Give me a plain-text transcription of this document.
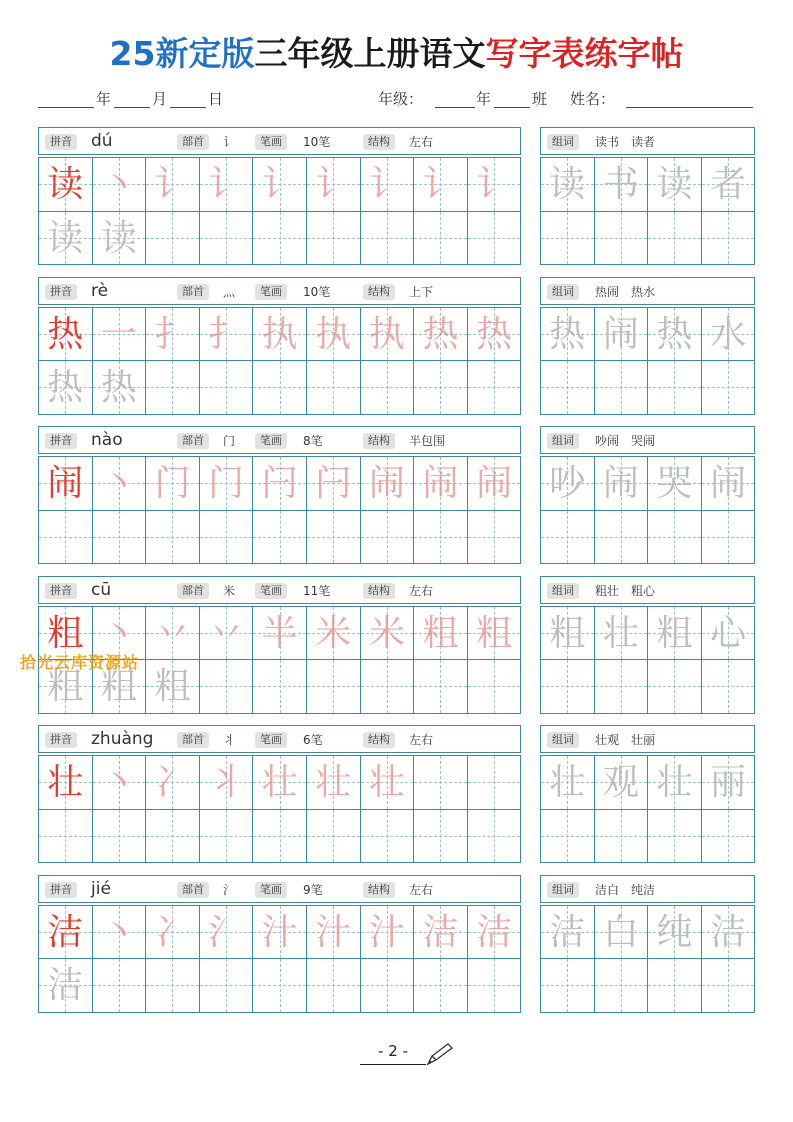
25新定版三年级上册语文写字表练字帖
年	月	日	年级：	年	班 姓名：
拼音 dú	部首	讠	笔画	10笔	结构	左右
读 丶 讠 讠 讠 讠 讠 讠 讠
读 读
组词	读书　读者
读 书 读 者
拼音 rè	部首	灬	笔画	10笔	结构	上下
热 一 扌 扌 执 执 执 热 热
热 热
组词	热闹　热水
热 闹 热 水
拼音 nào	部首	门	笔画	8笔	结构	半包围
闹 丶 门 门 闩 闩 闹 闹 闹
组词	吵闹　哭闹
吵 闹 哭 闹
拼音 cū	部首	米	笔画	11笔	结构	左右
粗 丶 丷 丷 半 米 米 粗 粗
粗 粗 粗
组词	粗壮　粗心
粗 壮 粗 心
拼音 zhuàng	部首	丬	笔画	6笔	结构	左右
壮 丶 冫 丬 壮 壮 壮
组词	壮观　壮丽
壮 观 壮 丽
拼音 jié	部首	氵	笔画	9笔	结构	左右
洁 丶 冫 氵 汁 汁 汁 洁 洁
洁
组词	洁白　纯洁
洁 白 纯 洁
拾光云库资源站
- 2 -
